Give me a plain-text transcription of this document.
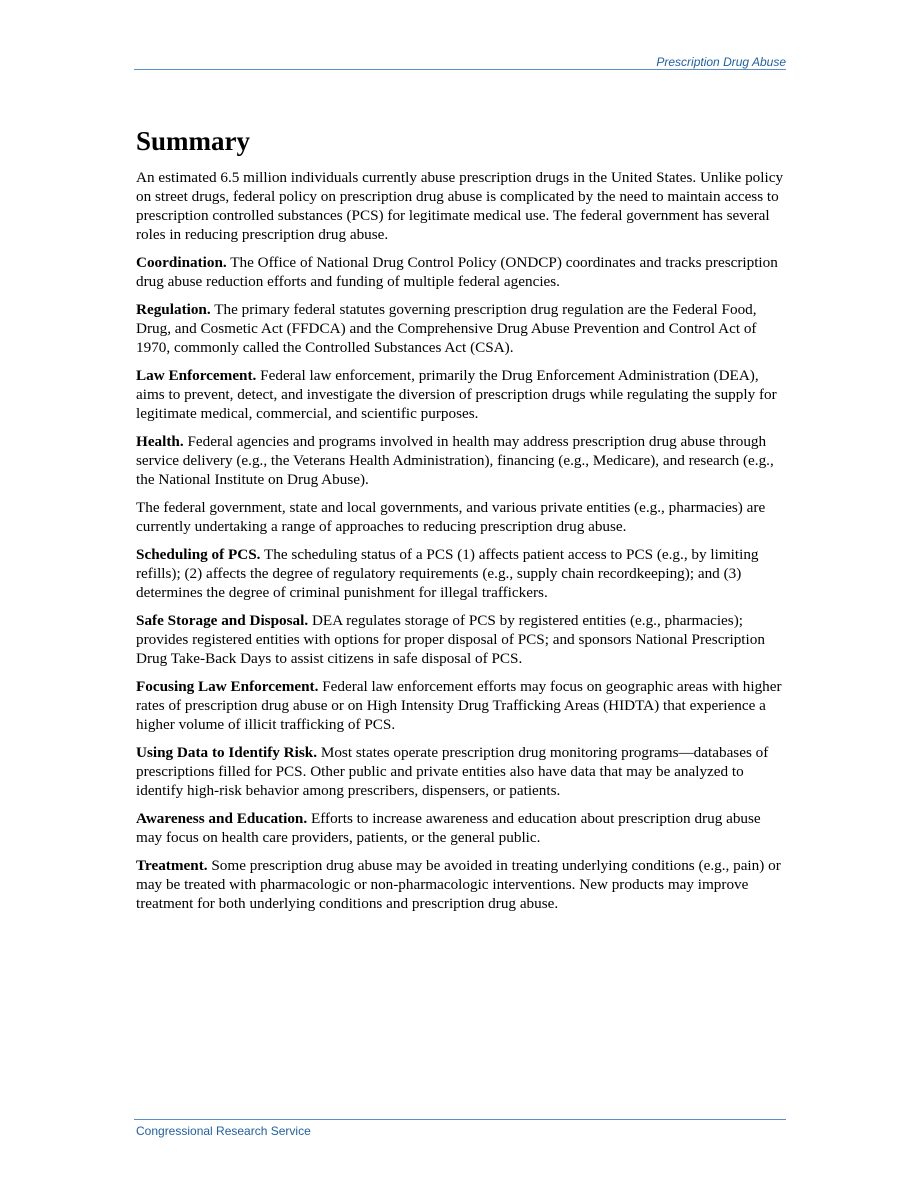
Prescription Drug Abuse
Summary

An estimated 6.5 million individuals currently abuse prescription drugs in the United States. Unlike policy on street drugs, federal policy on prescription drug abuse is complicated by the need to maintain access to prescription controlled substances (PCS) for legitimate medical use. The federal government has several roles in reducing prescription drug abuse.

Coordination. The Office of National Drug Control Policy (ONDCP) coordinates and tracks prescription drug abuse reduction efforts and funding of multiple federal agencies.

Regulation. The primary federal statutes governing prescription drug regulation are the Federal Food, Drug, and Cosmetic Act (FFDCA) and the Comprehensive Drug Abuse Prevention and Control Act of 1970, commonly called the Controlled Substances Act (CSA).

Law Enforcement. Federal law enforcement, primarily the Drug Enforcement Administration (DEA), aims to prevent, detect, and investigate the diversion of prescription drugs while regulating the supply for legitimate medical, commercial, and scientific purposes.

Health. Federal agencies and programs involved in health may address prescription drug abuse through service delivery (e.g., the Veterans Health Administration), financing (e.g., Medicare), and research (e.g., the National Institute on Drug Abuse).

The federal government, state and local governments, and various private entities (e.g., pharmacies) are currently undertaking a range of approaches to reducing prescription drug abuse.

Scheduling of PCS. The scheduling status of a PCS (1) affects patient access to PCS (e.g., by limiting refills); (2) affects the degree of regulatory requirements (e.g., supply chain recordkeeping); and (3) determines the degree of criminal punishment for illegal traffickers.

Safe Storage and Disposal. DEA regulates storage of PCS by registered entities (e.g., pharmacies); provides registered entities with options for proper disposal of PCS; and sponsors National Prescription Drug Take-Back Days to assist citizens in safe disposal of PCS.

Focusing Law Enforcement. Federal law enforcement efforts may focus on geographic areas with higher rates of prescription drug abuse or on High Intensity Drug Trafficking Areas (HIDTA) that experience a higher volume of illicit trafficking of PCS.

Using Data to Identify Risk. Most states operate prescription drug monitoring programs—databases of prescriptions filled for PCS. Other public and private entities also have data that may be analyzed to identify high-risk behavior among prescribers, dispensers, or patients.

Awareness and Education. Efforts to increase awareness and education about prescription drug abuse may focus on health care providers, patients, or the general public.

Treatment. Some prescription drug abuse may be avoided in treating underlying conditions (e.g., pain) or may be treated with pharmacologic or non-pharmacologic interventions. New products may improve treatment for both underlying conditions and prescription drug abuse.

Congressional Research Service
